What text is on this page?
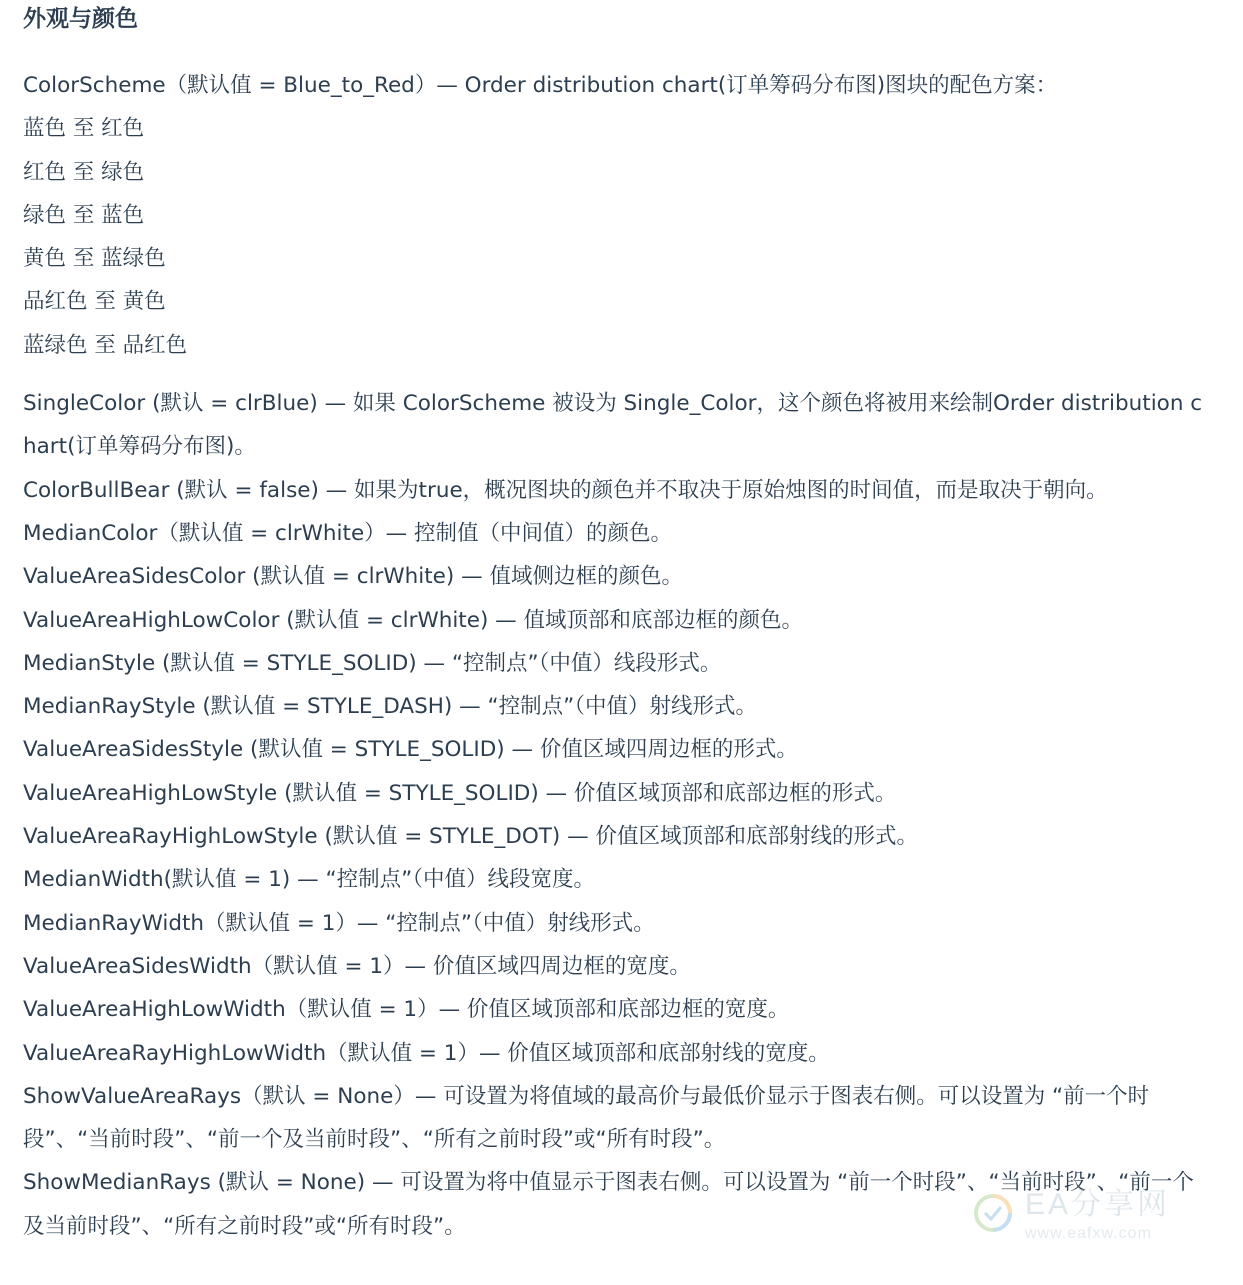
外观与颜色
ColorScheme（默认值 = Blue_to_Red）— Order distribution chart(订单筹码分布图)图块的配色方案：
蓝色 至 红色
红色 至 绿色
绿色 至 蓝色
黄色 至 蓝绿色
品红色 至 黄色
蓝绿色 至 品红色
SingleColor (默认 = clrBlue) — 如果 ColorScheme 被设为 Single_Color，这个颜色将被用来绘制Order distribution chart(订单筹码分布图)。
ColorBullBear (默认 = false) — 如果为true，概况图块的颜色并不取决于原始烛图的时间值，而是取决于朝向。
MedianColor（默认值 = clrWhite）— 控制值（中间值）的颜色。
ValueAreaSidesColor (默认值 = clrWhite) — 值域侧边框的颜色。
ValueAreaHighLowColor (默认值 = clrWhite) — 值域顶部和底部边框的颜色。
MedianStyle (默认值 = STYLE_SOLID) — “控制点”（中值）线段形式。
MedianRayStyle (默认值 = STYLE_DASH) — “控制点”（中值）射线形式。
ValueAreaSidesStyle (默认值 = STYLE_SOLID) — 价值区域四周边框的形式。
ValueAreaHighLowStyle (默认值 = STYLE_SOLID) — 价值区域顶部和底部边框的形式。
ValueAreaRayHighLowStyle (默认值 = STYLE_DOT) — 价值区域顶部和底部射线的形式。
MedianWidth(默认值 = 1) — “控制点”（中值）线段宽度。
MedianRayWidth（默认值 = 1）— “控制点”（中值）射线形式。
ValueAreaSidesWidth（默认值 = 1）— 价值区域四周边框的宽度。
ValueAreaHighLowWidth（默认值 = 1）— 价值区域顶部和底部边框的宽度。
ValueAreaRayHighLowWidth（默认值 = 1）— 价值区域顶部和底部射线的宽度。
ShowValueAreaRays（默认 = None）— 可设置为将值域的最高价与最低价显示于图表右侧。可以设置为 “前一个时段”、“当前时段”、“前一个及当前时段”、“所有之前时段”或“所有时段”。
ShowMedianRays (默认 = None) — 可设置为将中值显示于图表右侧。可以设置为 “前一个时段”、“当前时段”、“前一个及当前时段”、“所有之前时段”或“所有时段”。
EA分享网
www.eafxw.com
